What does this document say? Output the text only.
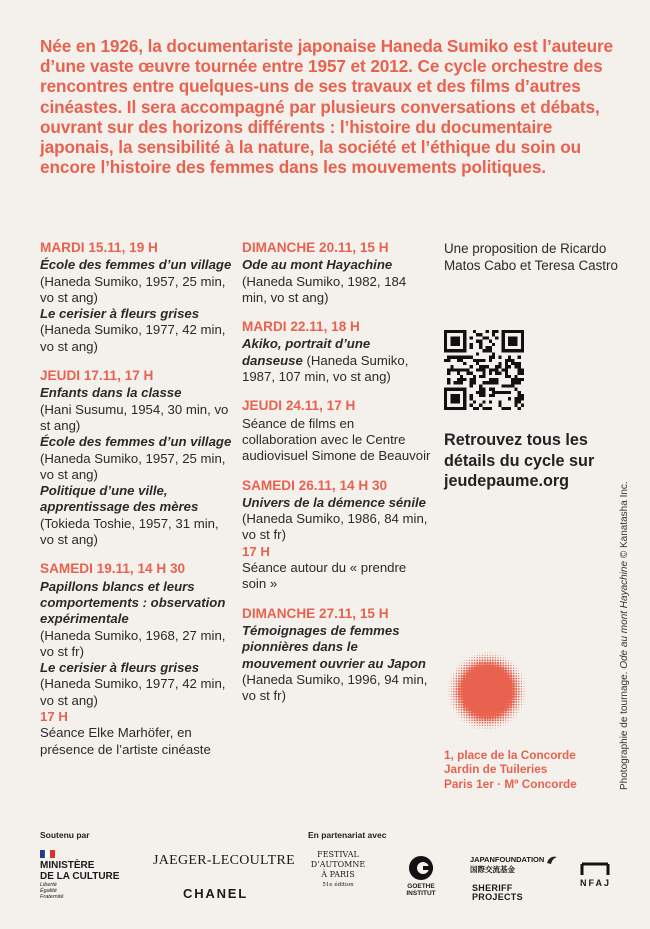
Née en 1926, la documentariste japonaise Haneda Sumiko est l’auteure d’une vaste œuvre tournée entre 1957 et 2012. Ce cycle orchestre des rencontres entre quelques-uns de ses travaux et des films d’autres cinéastes. Il sera accompagné par plusieurs conversations et débats, ouvrant sur des horizons différents : l’histoire du documentaire japonais, la sensibilité à la nature, la société et l’éthique du soin ou encore l’histoire des femmes dans les mouvements politiques.

MARDI 15.11, 19 H
École des femmes d’un village (Haneda Sumiko, 1957, 25 min, vo st ang)
Le cerisier à fleurs grises
(Haneda Sumiko, 1977, 42 min, vo st ang)
JEUDI 17.11, 17 H
Enfants dans la classe
(Hani Susumu, 1954, 30 min, vo st ang)
École des femmes d’un village (Haneda Sumiko, 1957, 25 min, vo st ang)

Politique d’une ville, apprentissage des mères
(Tokieda Toshie, 1957, 31 min, vo st ang)
SAMEDI 19.11, 14 H 30
Papillons blancs et leurs comportements : observation expérimentale
(Haneda Sumiko, 1968, 27 min, vo st fr)
Le cerisier à fleurs grises
(Haneda Sumiko, 1977, 42 min, vo st ang)
17 H
Séance Elke Marhöfer, en présence de l’artiste cinéaste
DIMANCHE 20.11, 15 H
Ode au mont Hayachine
(Haneda Sumiko, 1982, 184 min, vo st ang)
MARDI 22.11, 18 H
Akiko, portrait d’une danseuse (Haneda Sumiko, 1987, 107 min, vo st ang)
JEUDI 24.11, 17 H
Séance de films en collaboration avec le Centre audiovisuel Simone de Beauvoir
SAMEDI 26.11, 14 H 30
Univers de la démence sénile (Haneda Sumiko, 1986, 84 min, vo st fr)
17 H
Séance autour du « prendre soin »
DIMANCHE 27.11, 15 H
Témoignages de femmes pionnières dans le mouvement ouvrier au Japon (Haneda Sumiko, 1996, 94 min, vo st fr)
Une proposition de Ricardo Matos Cabo et Teresa Castro
Retrouvez tous les détails du cycle sur jeudepaume.org
1, place de la Concorde
Jardin de Tuileries
Paris 1er · Mº Concorde	Photographie de tournage. Ode au mont Hayachine © Kanatasha Inc.
Soutenu par	En partenariat avec
MINISTÈRE
DE LA CULTURE
Liberté
Égalité
Fraternité
JAEGER-LECOULTRE
CHANEL
FESTIVAL
D’AUTOMNE
À PARIS
51e édition	GOETHE
INSTITUT
JAPANFOUNDATION
国際交流基金
SHERIFF
PROJECTS
NFAJ
